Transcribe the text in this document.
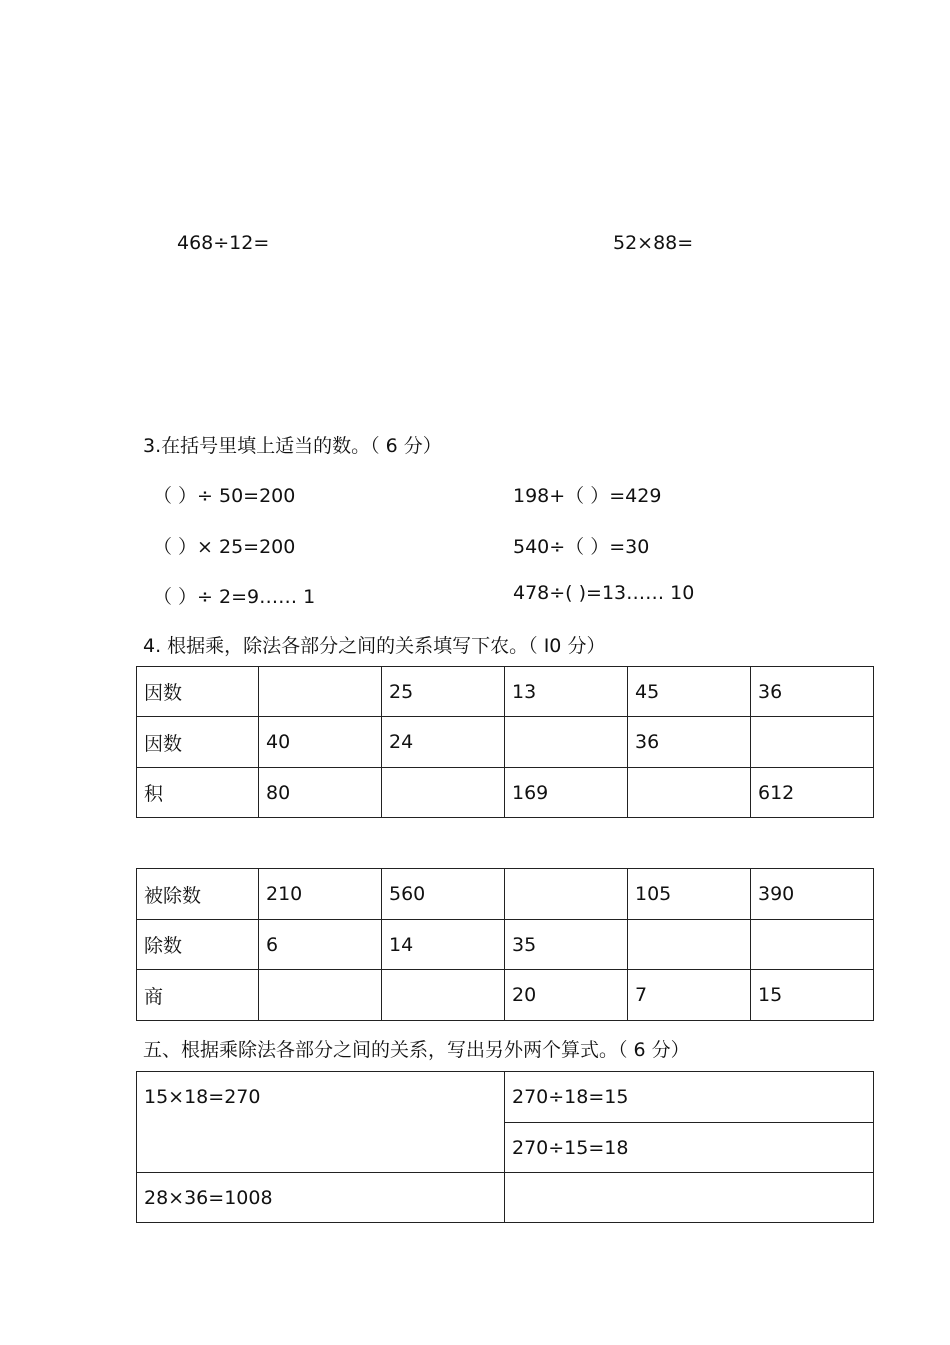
468÷12=	52×88=
3.在括号里填上适当的数。（ 6 分）
（ ）÷ 50=200	198+（ ）=429
（ ）× 25=200	540÷（ ）=30
（ ）÷ 2=9…… 1	478÷( )=13…… 10
4. 根据乘，除法各部分之间的关系填写下农。（ I0 分）
因数		25	13	45	36
因数	40	24		36	
积	80		169		612
被除数	210	560		105	390
除数	6	14	35		
商			20	7	15
五、根据乘除法各部分之间的关系，写出另外两个算式。（ 6 分）
15×18=270	270÷18=15
	270÷15=18
28×36=1008	
